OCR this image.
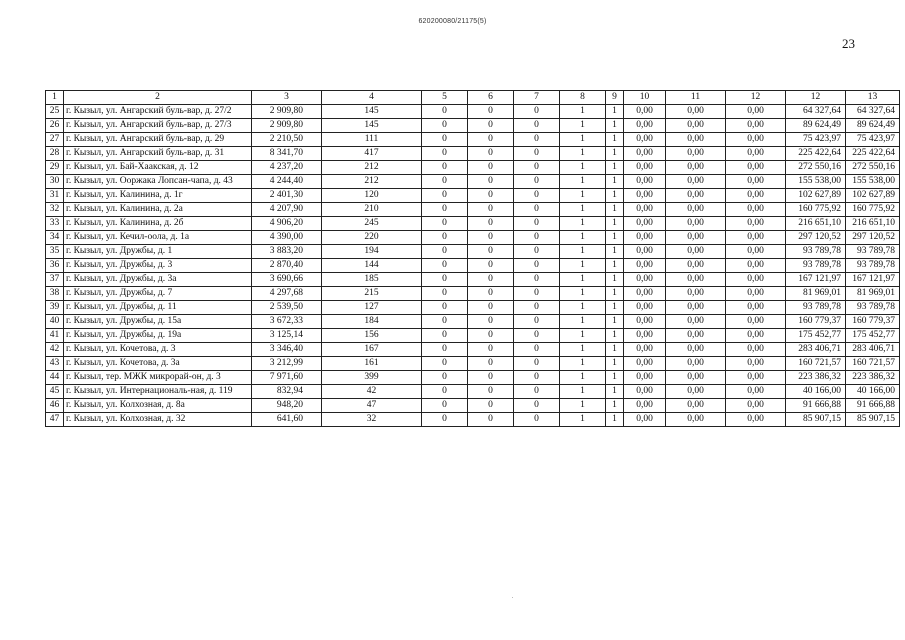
620200080/21175(5)
23
1	2	3	4	5	6	7	8	9	10	11	12	12	13
25	г. Кызыл, ул. Ангарский буль-вар, д. 27/2	2 909,80	145	0	0	0	1	1	0,00	0,00	0,00	64 327,64	64 327,64
26	г. Кызыл, ул. Ангарский буль-вар, д. 27/3	2 909,80	145	0	0	0	1	1	0,00	0,00	0,00	89 624,49	89 624,49
27	г. Кызыл, ул. Ангарский буль-вар, д. 29	2 210,50	111	0	0	0	1	1	0,00	0,00	0,00	75 423,97	75 423,97
28	г. Кызыл, ул. Ангарский буль-вар, д. 31	8 341,70	417	0	0	0	1	1	0,00	0,00	0,00	225 422,64	225 422,64
29	г. Кызыл, ул. Бай-Хаакская, д. 12	4 237,20	212	0	0	0	1	1	0,00	0,00	0,00	272 550,16	272 550,16
30	г. Кызыл, ул. Ооржака Лопсан-чапа, д. 43	4 244,40	212	0	0	0	1	1	0,00	0,00	0,00	155 538,00	155 538,00
31	г. Кызыл, ул. Калинина, д. 1г	2 401,30	120	0	0	0	1	1	0,00	0,00	0,00	102 627,89	102 627,89
32	г. Кызыл, ул. Калинина, д. 2а	4 207,90	210	0	0	0	1	1	0,00	0,00	0,00	160 775,92	160 775,92
33	г. Кызыл, ул. Калинина, д. 2б	4 906,20	245	0	0	0	1	1	0,00	0,00	0,00	216 651,10	216 651,10
34	г. Кызыл, ул. Кечил-оола, д. 1а	4 390,00	220	0	0	0	1	1	0,00	0,00	0,00	297 120,52	297 120,52
35	г. Кызыл, ул. Дружбы, д. 1	3 883,20	194	0	0	0	1	1	0,00	0,00	0,00	93 789,78	93 789,78
36	г. Кызыл, ул. Дружбы, д. 3	2 870,40	144	0	0	0	1	1	0,00	0,00	0,00	93 789,78	93 789,78
37	г. Кызыл, ул. Дружбы, д. 3а	3 690,66	185	0	0	0	1	1	0,00	0,00	0,00	167 121,97	167 121,97
38	г. Кызыл, ул. Дружбы, д. 7	4 297,68	215	0	0	0	1	1	0,00	0,00	0,00	81 969,01	81 969,01
39	г. Кызыл, ул. Дружбы, д. 11	2 539,50	127	0	0	0	1	1	0,00	0,00	0,00	93 789,78	93 789,78
40	г. Кызыл, ул. Дружбы, д. 15а	3 672,33	184	0	0	0	1	1	0,00	0,00	0,00	160 779,37	160 779,37
41	г. Кызыл, ул. Дружбы, д. 19а	3 125,14	156	0	0	0	1	1	0,00	0,00	0,00	175 452,77	175 452,77
42	г. Кызыл, ул. Кочетова, д. 3	3 346,40	167	0	0	0	1	1	0,00	0,00	0,00	283 406,71	283 406,71
43	г. Кызыл, ул. Кочетова, д. 3а	3 212,99	161	0	0	0	1	1	0,00	0,00	0,00	160 721,57	160 721,57
44	г. Кызыл, тер. МЖК микрорай-он, д. 3	7 971,60	399	0	0	0	1	1	0,00	0,00	0,00	223 386,32	223 386,32
45	г. Кызыл, ул. Интернациональ-ная, д. 119	832,94	42	0	0	0	1	1	0,00	0,00	0,00	40 166,00	40 166,00
46	г. Кызыл, ул. Колхозная, д. 8а	948,20	47	0	0	0	1	1	0,00	0,00	0,00	91 666,88	91 666,88
47	г. Кызыл, ул. Колхозная, д. 32	641,60	32	0	0	0	1	1	0,00	0,00	0,00	85 907,15	85 907,15
